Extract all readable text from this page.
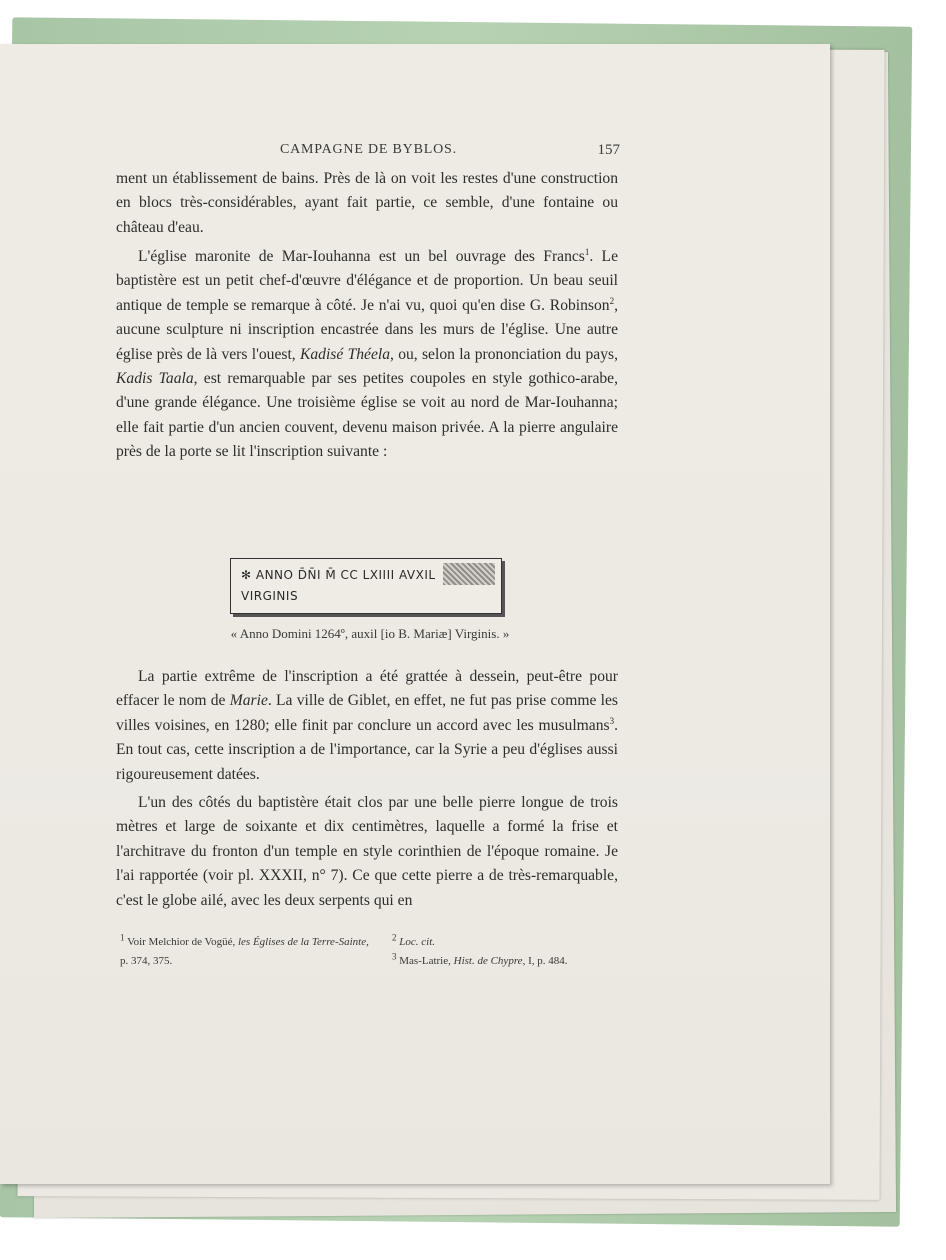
CAMPAGNE DE BYBLOS.	157

ment un établissement de bains. Près de là on voit les restes d'une construction en blocs très-considérables, ayant fait partie, ce semble, d'une fontaine ou château d'eau.

L'église maronite de Mar-Iouhanna est un bel ouvrage des Francs$^1$. Le baptistère est un petit chef-d'œuvre d'élégance et de proportion. Un beau seuil antique de temple se remarque à côté. Je n'ai vu, quoi qu'en dise G. Robinson$^2$, aucune sculpture ni inscription encastrée dans les murs de l'église. Une autre église près de là vers l'ouest, Kadisé Théela, ou, selon la prononciation du pays, Kadis Taala, est remarquable par ses petites coupoles en style gothico-arabe, d'une grande élégance. Une troisième église se voit au nord de Mar-Iouhanna; elle fait partie d'un ancien couvent, devenu maison privée. A la pierre angulaire près de la porte se lit l'inscription suivante :

✻ ANNO D̄N̄I M̄ CC LXIIII AVXIL
VIRGINIS

« Anno Domini 1264º, auxil [io B. Mariæ] Virginis. »

La partie extrême de l'inscription a été grattée à dessein, peut-être pour effacer le nom de Marie. La ville de Giblet, en effet, ne fut pas prise comme les villes voisines, en 1280; elle finit par conclure un accord avec les musulmans$^3$. En tout cas, cette inscription a de l'importance, car la Syrie a peu d'églises aussi rigoureusement datées.

L'un des côtés du baptistère était clos par une belle pierre longue de trois mètres et large de soixante et dix centimètres, laquelle a formé la frise et l'architrave du fronton d'un temple en style corinthien de l'époque romaine. Je l'ai rapportée (voir pl. XXXII, n° 7). Ce que cette pierre a de très-remarquable, c'est le globe ailé, avec les deux serpents qui en

$^1$ Voir Melchior de Vogüé, les Églises de la Terre-Sainte, p. 374, 375.

$^2$ Loc. cit.

$^3$ Mas-Latrie, Hist. de Chypre, I, p. 484.
